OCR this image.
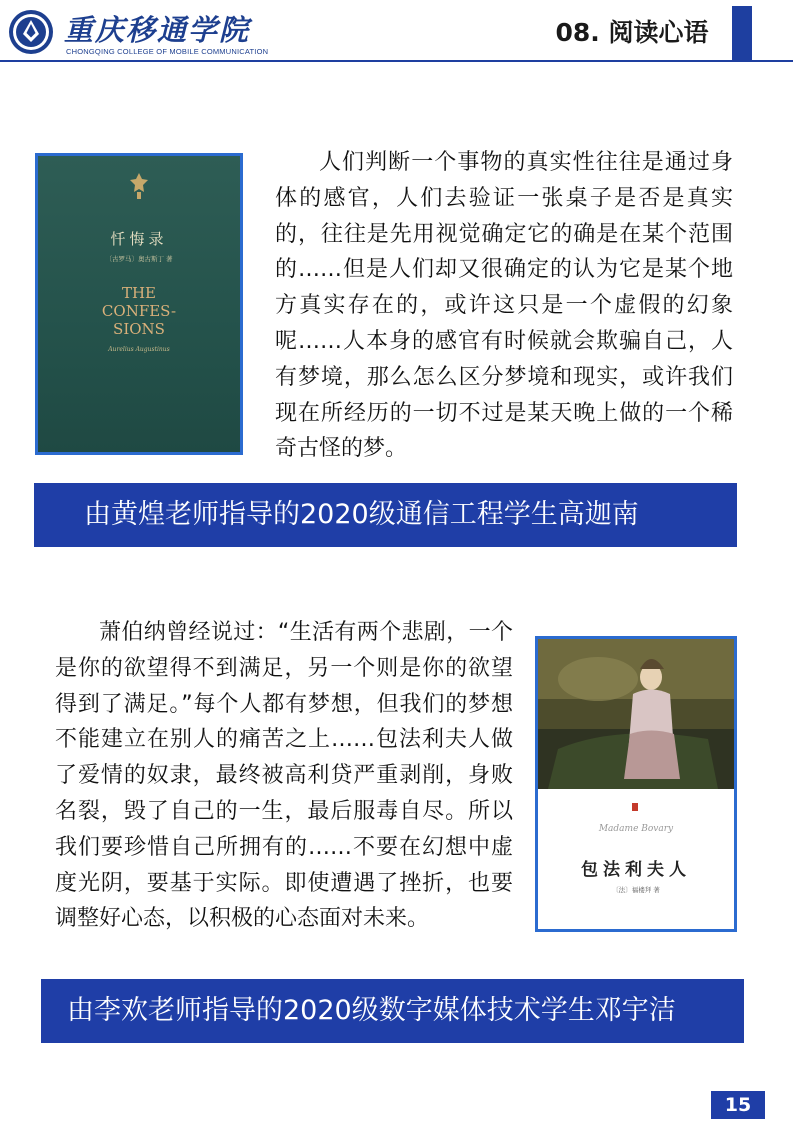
重庆移通学院
CHONGQING COLLEGE OF MOBILE COMMUNICATION
08. 阅读心语
忏悔录
〔古罗马〕奥古斯丁 著
THE
CONFES-
SIONS
Aurelius Augustinus

人们判断一个事物的真实性往往是通过身体的感官，人们去验证一张桌子是否是真实的，往往是先用视觉确定它的确是在某个范围的……但是人们却又很确定的认为它是某个地方真实存在的，或许这只是一个虚假的幻象呢……人本身的感官有时候就会欺骗自己，人有梦境，那么怎么区分梦境和现实，或许我们现在所经历的一切不过是某天晚上做的一个稀奇古怪的梦。

由黄煌老师指导的2020级通信工程学生高迦南

萧伯纳曾经说过：“生活有两个悲剧，一个是你的欲望得不到满足，另一个则是你的欲望得到了满足。”每个人都有梦想，但我们的梦想不能建立在别人的痛苦之上……包法利夫人做了爱情的奴隶，最终被高利贷严重剥削，身败名裂，毁了自己的一生，最后服毒自尽。所以我们要珍惜自己所拥有的……不要在幻想中虚度光阴，要基于实际。即使遭遇了挫折，也要调整好心态，以积极的心态面对未来。

Madame Bovary
包法利夫人
〔法〕福楼拜 著
由李欢老师指导的2020级数字媒体技术学生邓宇洁
15
